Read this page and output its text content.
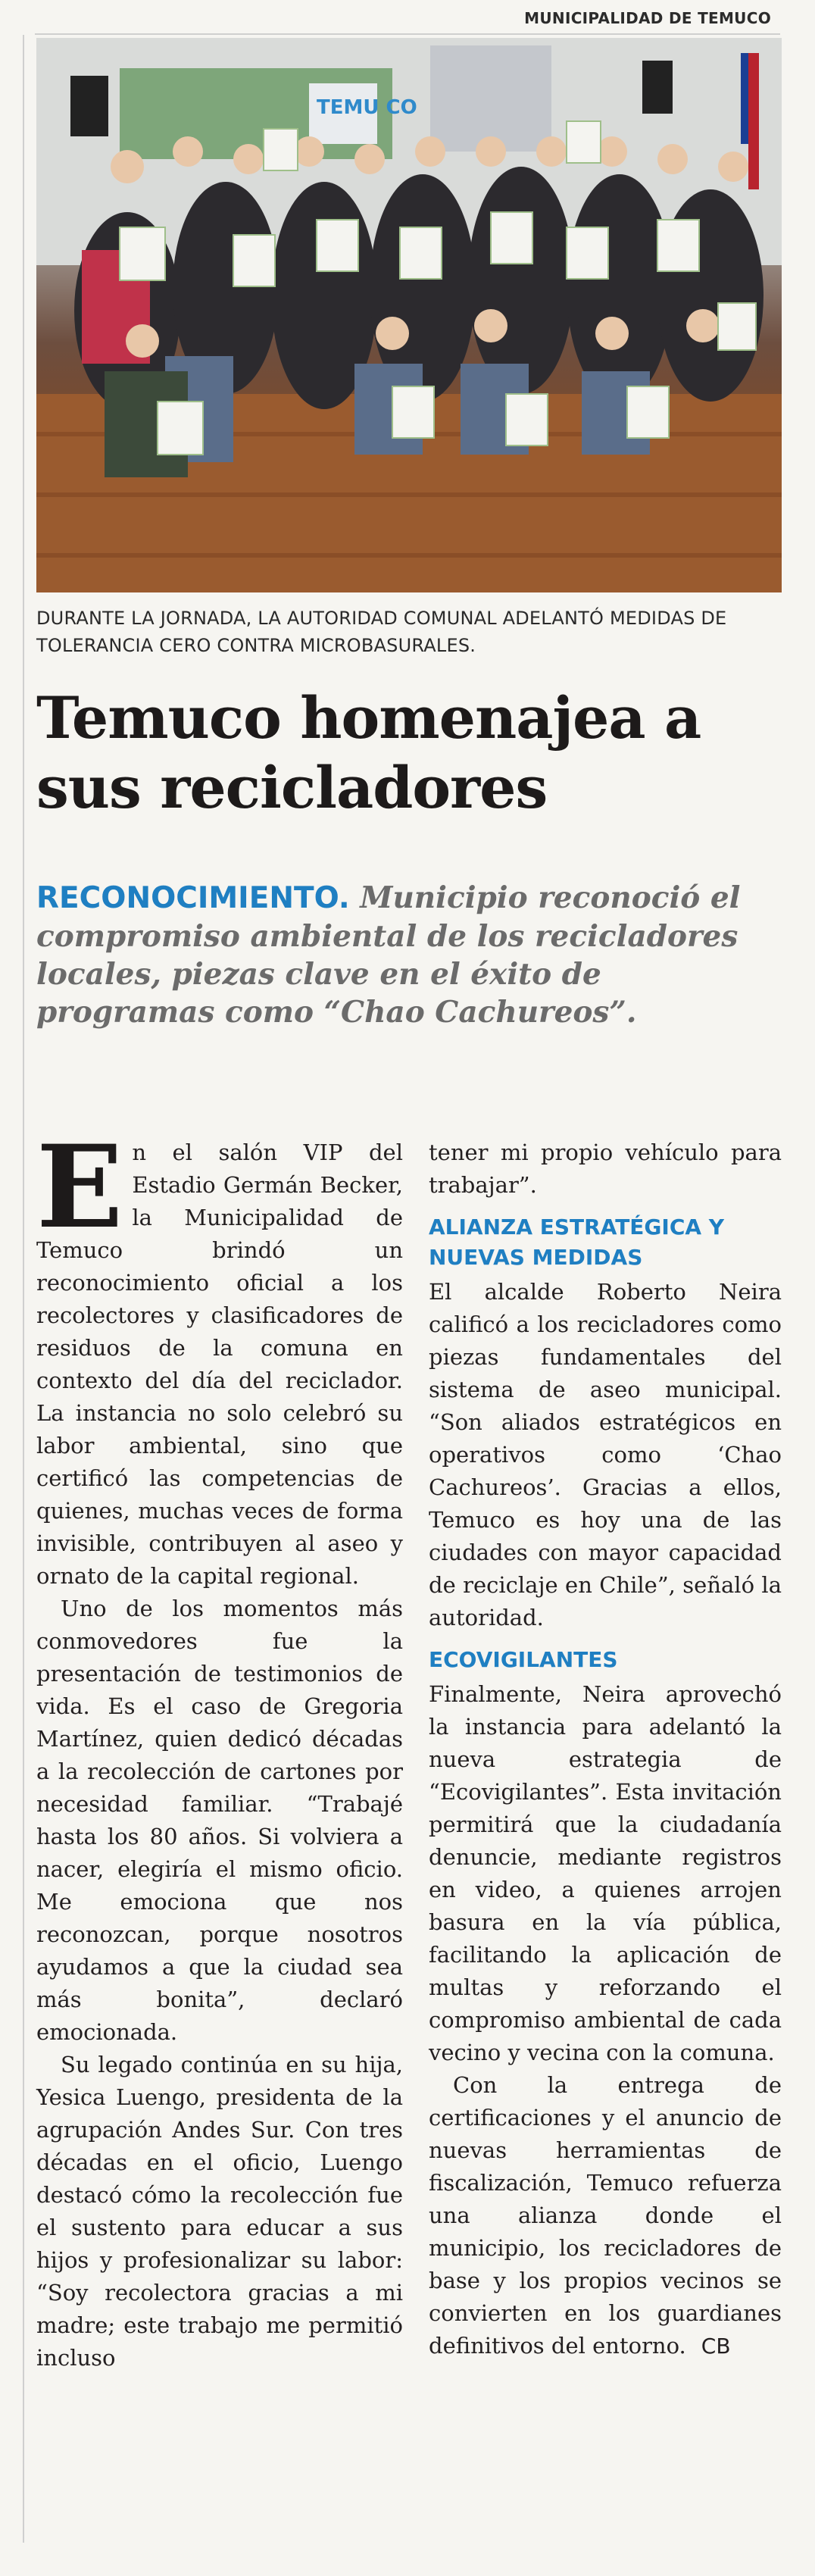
MUNICIPALIDAD DE TEMUCO
TEMU CO
DURANTE LA JORNADA, LA AUTORIDAD COMUNAL ADELANTÓ MEDIDAS DE TOLERANCIA CERO CONTRA MICROBASURALES.
Temuco homenajea a sus recicladores
RECONOCIMIENTO. Municipio reconoció el compromiso ambiental de los recicladores locales, piezas clave en el éxito de programas como “Chao Cachureos”.

En el salón VIP del Estadio Germán Becker, la Municipalidad de Temuco brindó un reconocimiento oficial a los recolectores y clasificadores de residuos de la comuna en contexto del día del reciclador. La instancia no solo celebró su labor ambiental, sino que certificó las competencias de quienes, muchas veces de forma invisible, contribuyen al aseo y ornato de la capital regional.

Uno de los momentos más conmovedores fue la presentación de testimonios de vida. Es el caso de Gregoria Martínez, quien dedicó décadas a la recolección de cartones por necesidad familiar. “Trabajé hasta los 80 años. Si volviera a nacer, elegiría el mismo oficio. Me emociona que nos reconozcan, porque nosotros ayudamos a que la ciudad sea más bonita”, declaró emocionada.

Su legado continúa en su hija, Yesica Luengo, presidenta de la agrupación Andes Sur. Con tres décadas en el oficio, Luengo destacó cómo la recolección fue el sustento para educar a sus hijos y profesionalizar su labor: “Soy recolectora gracias a mi madre; este trabajo me permitió incluso

tener mi propio vehículo para trabajar”.

ALIANZA ESTRATÉGICA Y NUEVAS MEDIDAS

El alcalde Roberto Neira calificó a los recicladores como piezas fundamentales del sistema de aseo municipal. “Son aliados estratégicos en operativos como ‘Chao Cachureos’. Gracias a ellos, Temuco es hoy una de las ciudades con mayor capacidad de reciclaje en Chile”, señaló la autoridad.

ECOVIGILANTES

Finalmente, Neira aprovechó la instancia para adelantó la nueva estrategia de “Ecovigilantes”. Esta invitación permitirá que la ciudadanía denuncie, mediante registros en video, a quienes arrojen basura en la vía pública, facilitando la aplicación de multas y reforzando el compromiso ambiental de cada vecino y vecina con la comuna.

Con la entrega de certificaciones y el anuncio de nuevas herramientas de fiscalización, Temuco refuerza una alianza donde el municipio, los recicladores de base y los propios vecinos se convierten en los guardianes definitivos del entorno. CB
